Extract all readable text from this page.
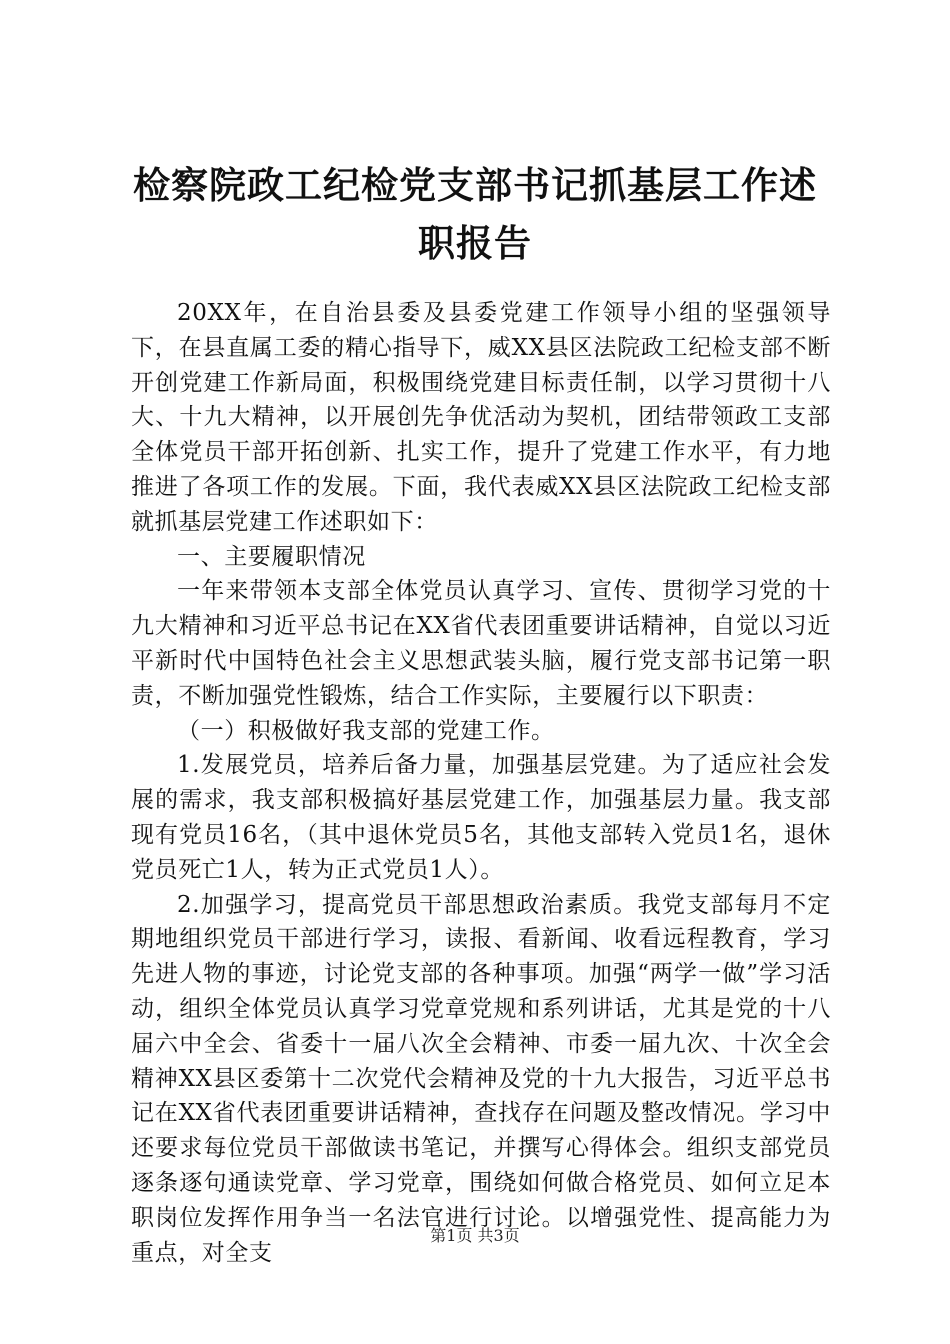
检察院政工纪检党支部书记抓基层工作述职报告

20XX年，在自治县委及县委党建工作领导小组的坚强领导下，在县直属工委的精心指导下，威XX县区法院政工纪检支部不断开创党建工作新局面，积极围绕党建目标责任制，以学习贯彻十八大、十九大精神，以开展创先争优活动为契机，团结带领政工支部全体党员干部开拓创新、扎实工作，提升了党建工作水平，有力地推进了各项工作的发展。下面，我代表威XX县区法院政工纪检支部就抓基层党建工作述职如下：

一、主要履职情况

一年来带领本支部全体党员认真学习、宣传、贯彻学习党的十九大精神和习近平总书记在XX省代表团重要讲话精神，自觉以习近平新时代中国特色社会主义思想武装头脑，履行党支部书记第一职责，不断加强党性锻炼，结合工作实际，主要履行以下职责：

（一）积极做好我支部的党建工作。

1.发展党员，培养后备力量，加强基层党建。为了适应社会发展的需求，我支部积极搞好基层党建工作，加强基层力量。我支部现有党员16名，（其中退休党员5名，其他支部转入党员1名，退休党员死亡1人，转为正式党员1人）。

2.加强学习，提高党员干部思想政治素质。我党支部每月不定期地组织党员干部进行学习，读报、看新闻、收看远程教育，学习先进人物的事迹，讨论党支部的各种事项。加强“两学一做”学习活动，组织全体党员认真学习党章党规和系列讲话，尤其是党的十八届六中全会、省委十一届八次全会精神、市委一届九次、十次全会精神XX县区委第十二次党代会精神及党的十九大报告，习近平总书记在XX省代表团重要讲话精神，查找存在问题及整改情况。学习中还要求每位党员干部做读书笔记，并撰写心得体会。组织支部党员逐条逐句通读党章、学习党章，围绕如何做合格党员、如何立足本职岗位发挥作用争当一名法官进行讨论。以增强党性、提高能力为重点，对全支

第1页 共3页
